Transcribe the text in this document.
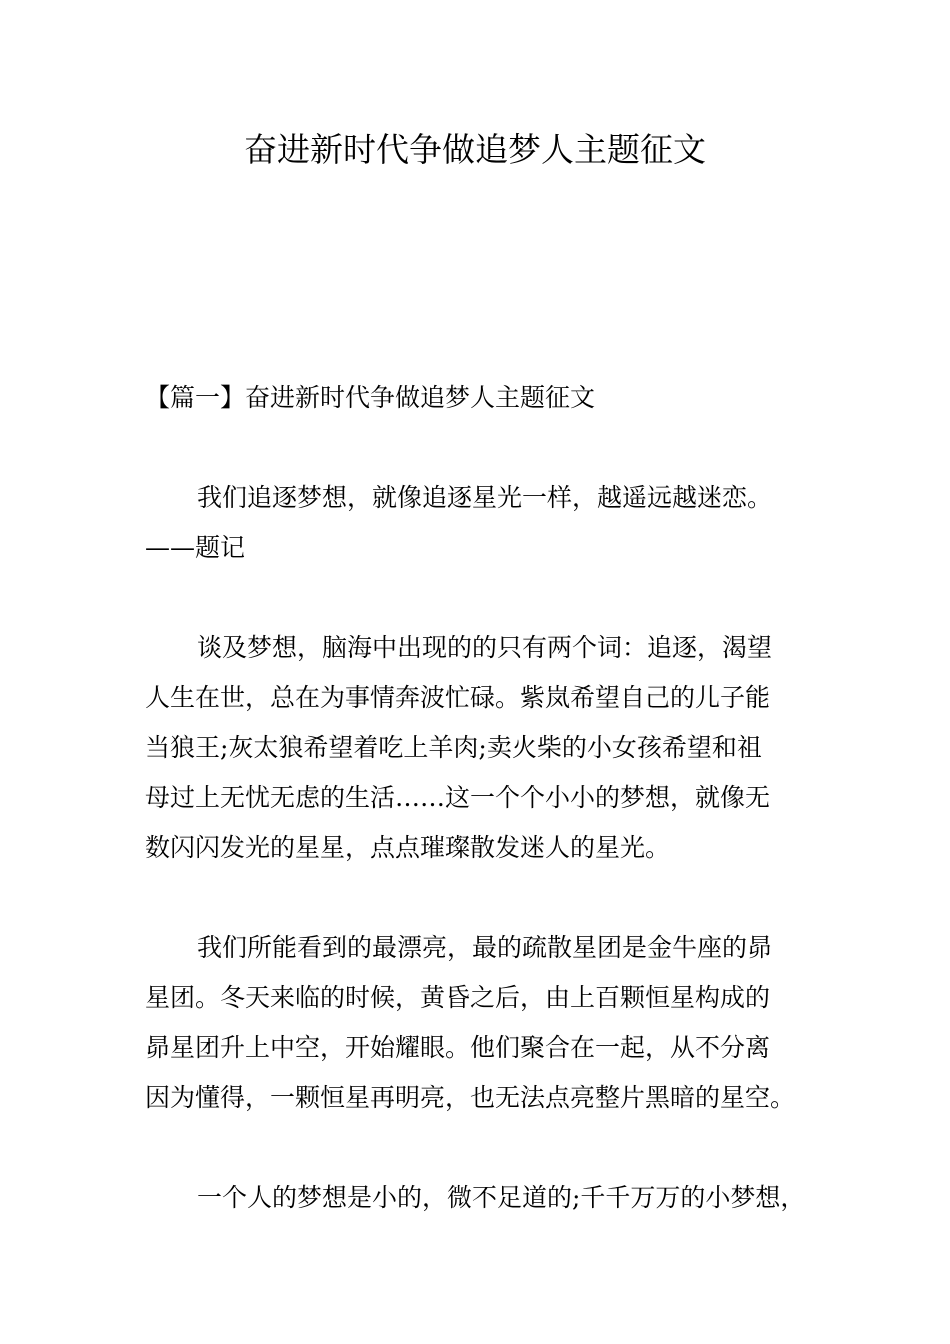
奋进新时代争做追梦人主题征文
【篇一】奋进新时代争做追梦人主题征文
我们追逐梦想，就像追逐星光一样，越遥远越迷恋。
——题记
谈及梦想，脑海中出现的的只有两个词：追逐，渴望
人生在世，总在为事情奔波忙碌。紫岚希望自己的儿子能
当狼王;灰太狼希望着吃上羊肉;卖火柴的小女孩希望和祖
母过上无忧无虑的生活……这一个个小小的梦想，就像无
数闪闪发光的星星，点点璀璨散发迷人的星光。
我们所能看到的最漂亮，最的疏散星团是金牛座的昴
星团。冬天来临的时候，黄昏之后，由上百颗恒星构成的
昴星团升上中空，开始耀眼。他们聚合在一起，从不分离
因为懂得，一颗恒星再明亮，也无法点亮整片黑暗的星空。
一个人的梦想是小的，微不足道的;千千万万的小梦想，
